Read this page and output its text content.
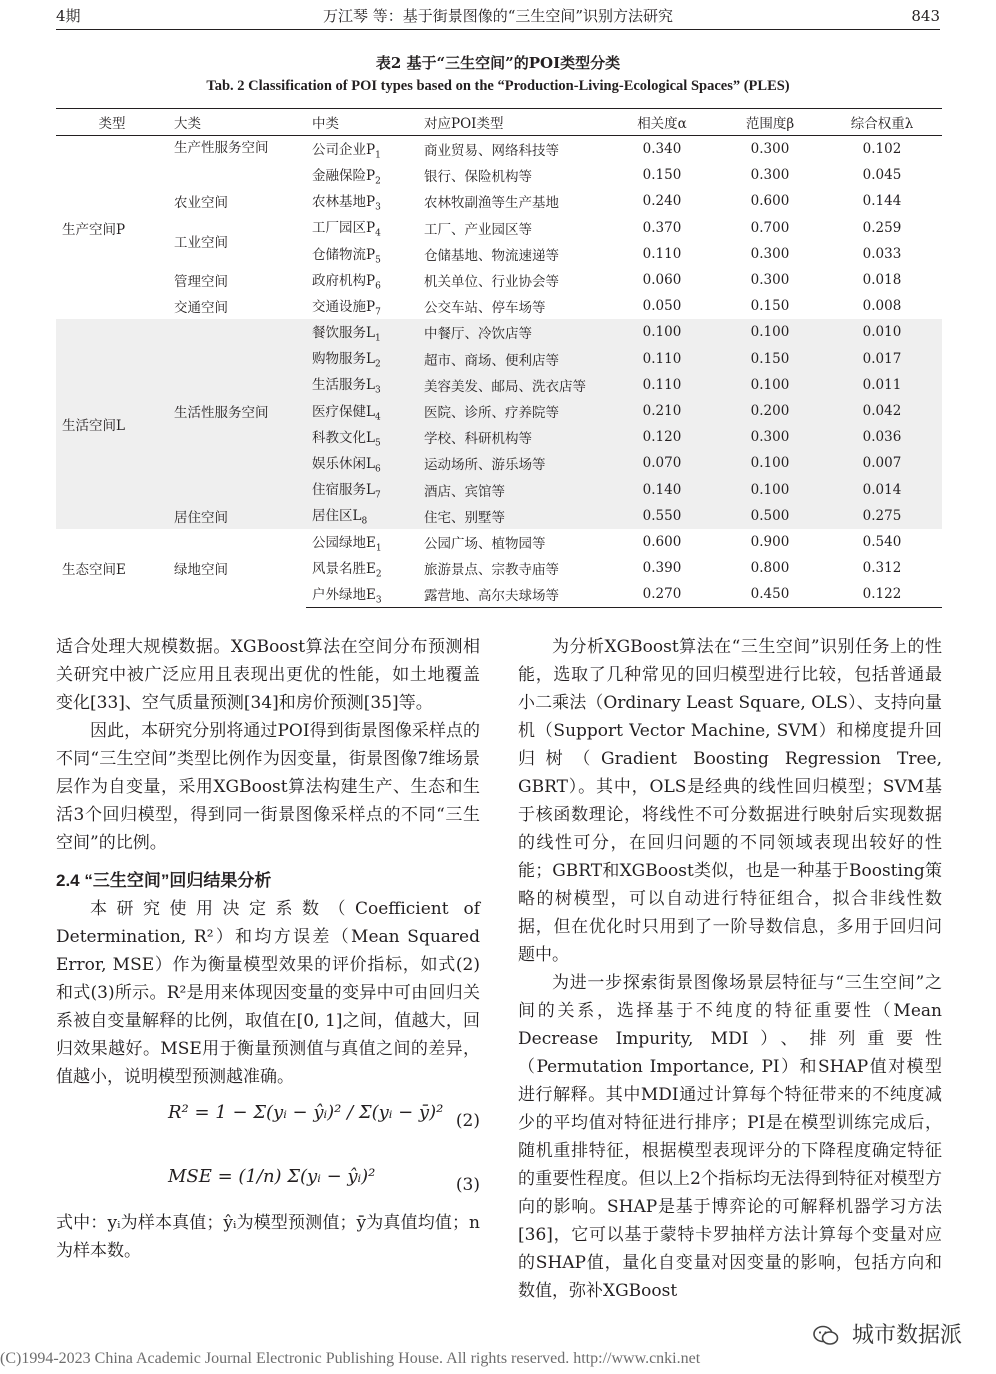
4期	万江琴 等：基于街景图像的“三生空间”识别方法研究	843
表2 基于“三生空间”的POI类型分类
Tab. 2 Classification of POI types based on the “Production-Living-Ecological Spaces” (PLES)
类型	大类	中类	对应POI类型	相关度α	范围度β	综合权重λ
生产空间P	生产性服务空间	公司企业$P_1$	商业贸易、网络科技等	0.340	0.300	0.102
		金融保险$P_2$	银行、保险机构等	0.150	0.300	0.045
	农业空间	农林基地$P_3$	农林牧副渔等生产基地	0.240	0.600	0.144
	工业空间	工厂园区$P_4$	工厂、产业园区等	0.370	0.700	0.259
		仓储物流$P_5$	仓储基地、物流速递等	0.110	0.300	0.033
	管理空间	政府机构$P_6$	机关单位、行业协会等	0.060	0.300	0.018
	交通空间	交通设施$P_7$	公交车站、停车场等	0.050	0.150	0.008
生活空间L	生活性服务空间	餐饮服务$L_1$	中餐厅、冷饮店等	0.100	0.100	0.010
		购物服务$L_2$	超市、商场、便利店等	0.110	0.150	0.017
		生活服务$L_3$	美容美发、邮局、洗衣店等	0.110	0.100	0.011
		医疗保健$L_4$	医院、诊所、疗养院等	0.210	0.200	0.042
		科教文化$L_5$	学校、科研机构等	0.120	0.300	0.036
		娱乐休闲$L_6$	运动场所、游乐场等	0.070	0.100	0.007
		住宿服务$L_7$	酒店、宾馆等	0.140	0.100	0.014
	居住空间	居住区$L_8$	住宅、别墅等	0.550	0.500	0.275
生态空间E	绿地空间	公园绿地$E_1$	公园广场、植物园等	0.600	0.900	0.540
		风景名胜$E_2$	旅游景点、宗教寺庙等	0.390	0.800	0.312
		户外绿地$E_3$	露营地、高尔夫球场等	0.270	0.450	0.122

适合处理大规模数据。XGBoost算法在空间分布预测相关研究中被广泛应用且表现出更优的性能，如土地覆盖变化[33]、空气质量预测[34]和房价预测[35]等。

因此，本研究分别将通过POI得到街景图像采样点的不同“三生空间”类型比例作为因变量，街景图像7维场景层作为自变量，采用XGBoost算法构建生产、生态和生活3个回归模型，得到同一街景图像采样点的不同“三生空间”的比例。

2.4 “三生空间”回归结果分析

本研究使用决定系数（Coefficient of Determination, R²）和均方误差（Mean Squared Error, MSE）作为衡量模型效果的评价指标，如式(2)和式(3)所示。R²是用来体现因变量的变异中可由回归关系被自变量解释的比例，取值在[0, 1]之间，值越大，回归效果越好。MSE用于衡量预测值与真值之间的差异，值越小，说明模型预测越准确。

R² = 1 − Σ(yᵢ − ŷᵢ)² / Σ(yᵢ − ȳ)² (2)
MSE = (1/n) Σ(yᵢ − ŷᵢ)²	(3)

式中：yᵢ为样本真值；ŷᵢ为模型预测值；ȳ为真值均值；n为样本数。

为分析XGBoost算法在“三生空间”识别任务上的性能，选取了几种常见的回归模型进行比较，包括普通最小二乘法（Ordinary Least Square, OLS）、支持向量机（Support Vector Machine, SVM）和梯度提升回归树（Gradient Boosting Regression Tree, GBRT）。其中，OLS是经典的线性回归模型；SVM基于核函数理论，将线性不可分数据进行映射后实现数据的线性可分，在回归问题的不同领域表现出较好的性能；GBRT和XGBoost类似，也是一种基于Boosting策略的树模型，可以自动进行特征组合，拟合非线性数据，但在优化时只用到了一阶导数信息，多用于回归问题中。

为进一步探索街景图像场景层特征与“三生空间”之间的关系，选择基于不纯度的特征重要性（Mean Decrease Impurity, MDI）、排列重要性（Permutation Importance, PI）和SHAP值对模型进行解释。其中MDI通过计算每个特征带来的不纯度减少的平均值对特征进行排序；PI是在模型训练完成后，随机重排特征，根据模型表现评分的下降程度确定特征的重要性程度。但以上2个指标均无法得到特征对模型方向的影响。SHAP是基于博弈论的可解释机器学习方法[36]，它可以基于蒙特卡罗抽样方法计算每个变量对应的SHAP值，量化自变量对因变量的影响，包括方向和数值，弥补XGBoost

城市数据派
(C)1994-2023 China Academic Journal Electronic Publishing House. All rights reserved. http://www.cnki.net
